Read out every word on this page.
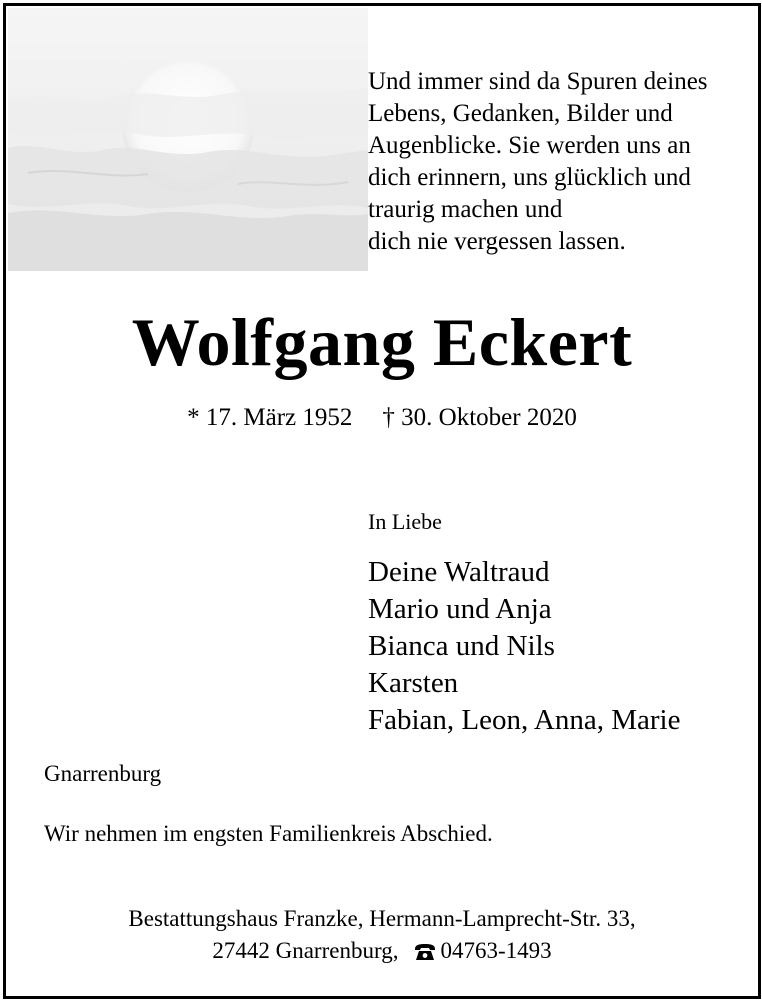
Und immer sind da Spuren deines
Lebens, Gedanken, Bilder und
Augenblicke. Sie werden uns an
dich erinnern, uns glücklich und
traurig machen und
dich nie vergessen lassen.
Wolfgang Eckert
* 17. März 1952 † 30. Oktober 2020
In Liebe
Deine Waltraud
Mario und Anja
Bianca und Nils
Karsten
Fabian, Leon, Anna, Marie
Gnarrenburg
Wir nehmen im engsten Familienkreis Abschied.
Bestattungshaus Franzke, Hermann-Lamprecht-Str. 33,
27442 Gnarrenburg, 04763-1493
